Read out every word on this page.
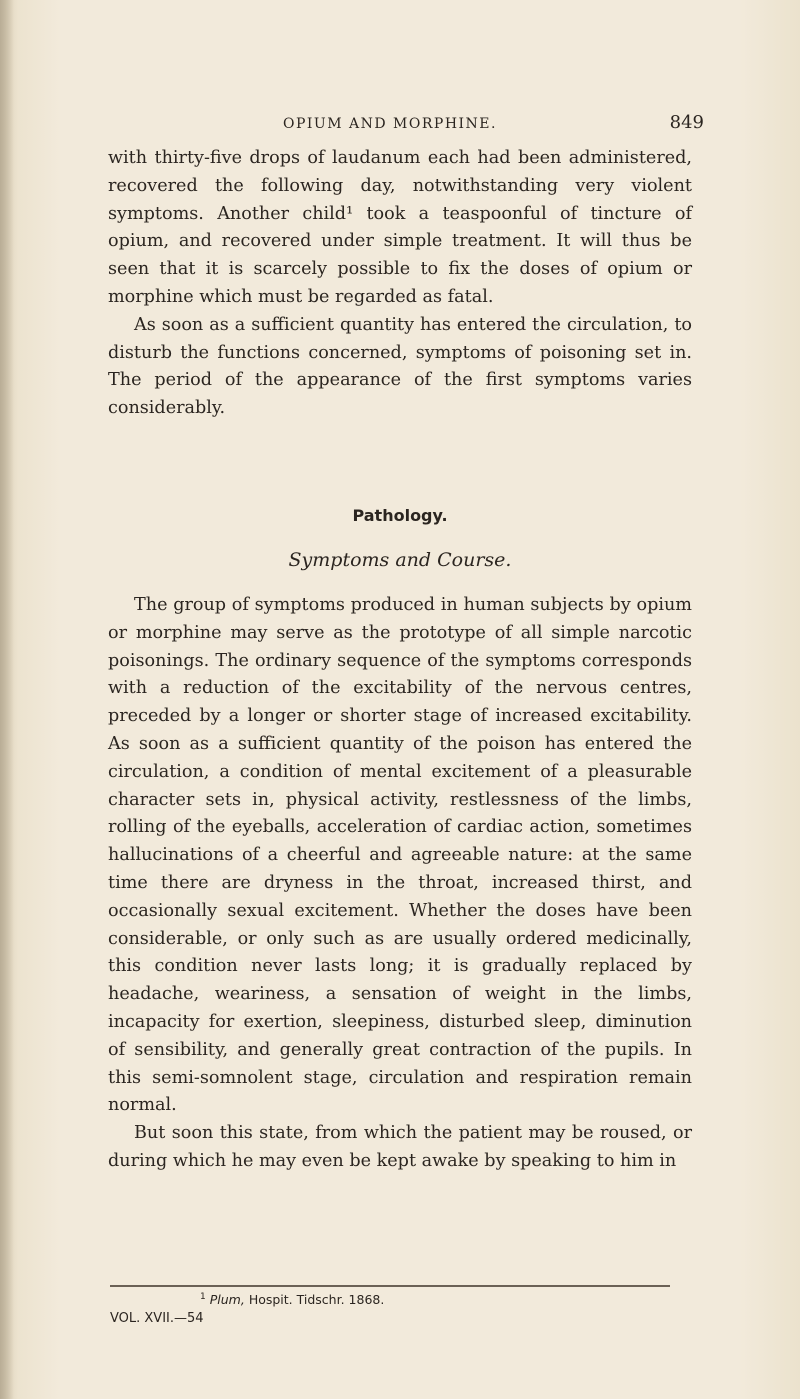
OPIUM AND MORPHINE.	849

with thirty-five drops of laudanum each had been administered, recovered the following day, notwithstanding very violent symptoms. Another child¹ took a teaspoonful of tincture of opium, and recovered under simple treatment. It will thus be seen that it is scarcely possible to fix the doses of opium or morphine which must be regarded as fatal.

As soon as a sufficient quantity has entered the circulation, to disturb the functions concerned, symptoms of poisoning set in. The period of the appearance of the first symptoms varies considerably.

Pathology.
Symptoms and Course.

The group of symptoms produced in human subjects by opium or morphine may serve as the prototype of all simple narcotic poisonings. The ordinary sequence of the symptoms corresponds with a reduction of the excitability of the nervous centres, preceded by a longer or shorter stage of increased excitability. As soon as a sufficient quantity of the poison has entered the circulation, a condition of mental excitement of a pleasurable character sets in, physical activity, restlessness of the limbs, rolling of the eyeballs, acceleration of cardiac action, sometimes hallucinations of a cheerful and agreeable nature: at the same time there are dryness in the throat, increased thirst, and occasionally sexual excitement. Whether the doses have been considerable, or only such as are usually ordered medicinally, this condition never lasts long; it is gradually replaced by headache, weariness, a sensation of weight in the limbs, incapacity for exertion, sleepiness, disturbed sleep, diminution of sensibility, and generally great contraction of the pupils. In this semi-somnolent stage, circulation and respiration remain normal.

But soon this state, from which the patient may be roused, or during which he may even be kept awake by speaking to him in

$^1$ Plum, Hospit. Tidschr. 1868.
VOL. XVII.—54
